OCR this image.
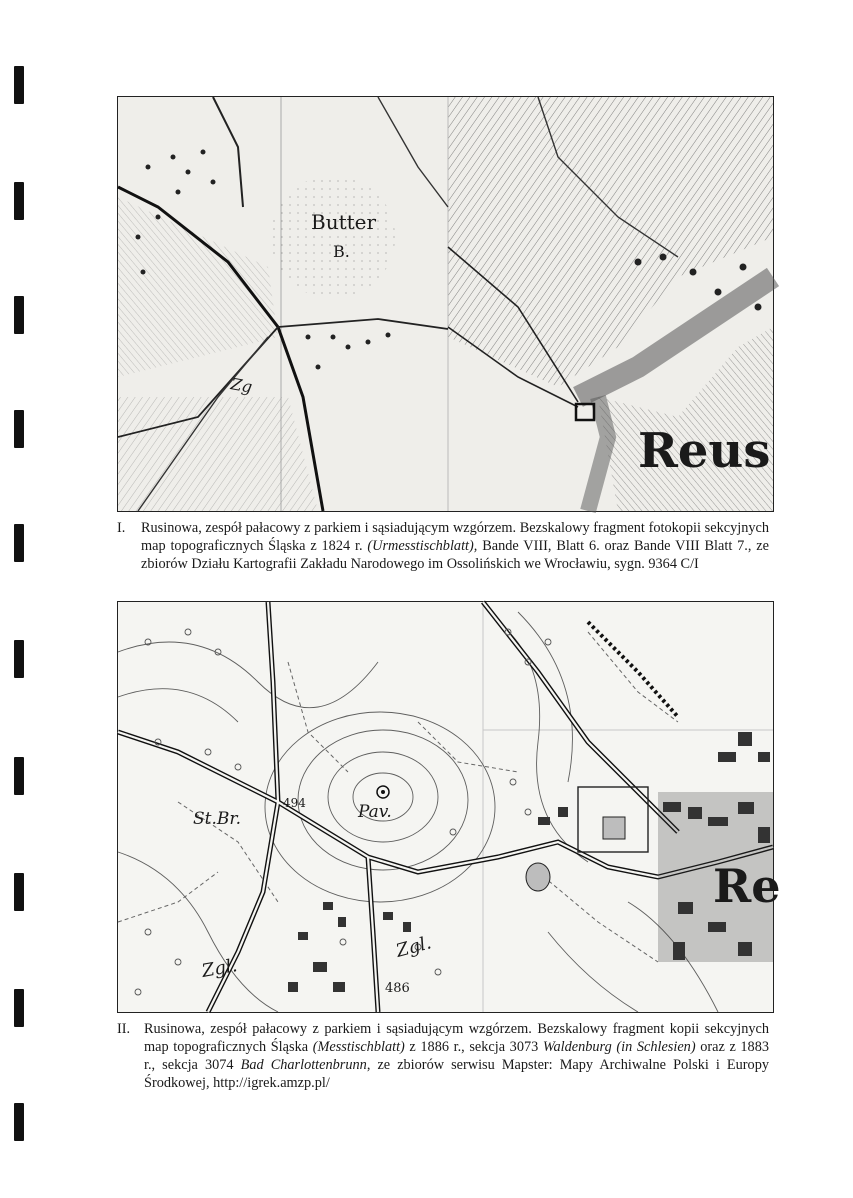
Butter
B.
Zg
Reus
I. Rusinowa, zespół pałacowy z parkiem i sąsiadującym wzgórzem. Bezskalowy fragment fotokopii sekcyjnych map topograficznych Śląska z 1824 r. (Urmesstischblatt), Bande VIII, Blatt 6. oraz Bande VIII Blatt 7., ze zbiorów Działu Kartografii Zakładu Narodowego im Ossolińskich we Wrocławiu, sygn. 9364 C/I
St.Br.
494	Pav.
Zgl.
Zgl.
486
Re
II. Rusinowa, zespół pałacowy z parkiem i sąsiadującym wzgórzem. Bezskalowy fragment kopii sekcyjnych map topograficznych Śląska (Messtischblatt) z 1886 r., sekcja 3073 Waldenburg (in Schlesien) oraz z 1883 r., sekcja 3074 Bad Charlottenbrunn, ze zbiorów serwisu Mapster: Mapy Archiwalne Polski i Europy Środkowej, http://igrek.amzp.pl/
